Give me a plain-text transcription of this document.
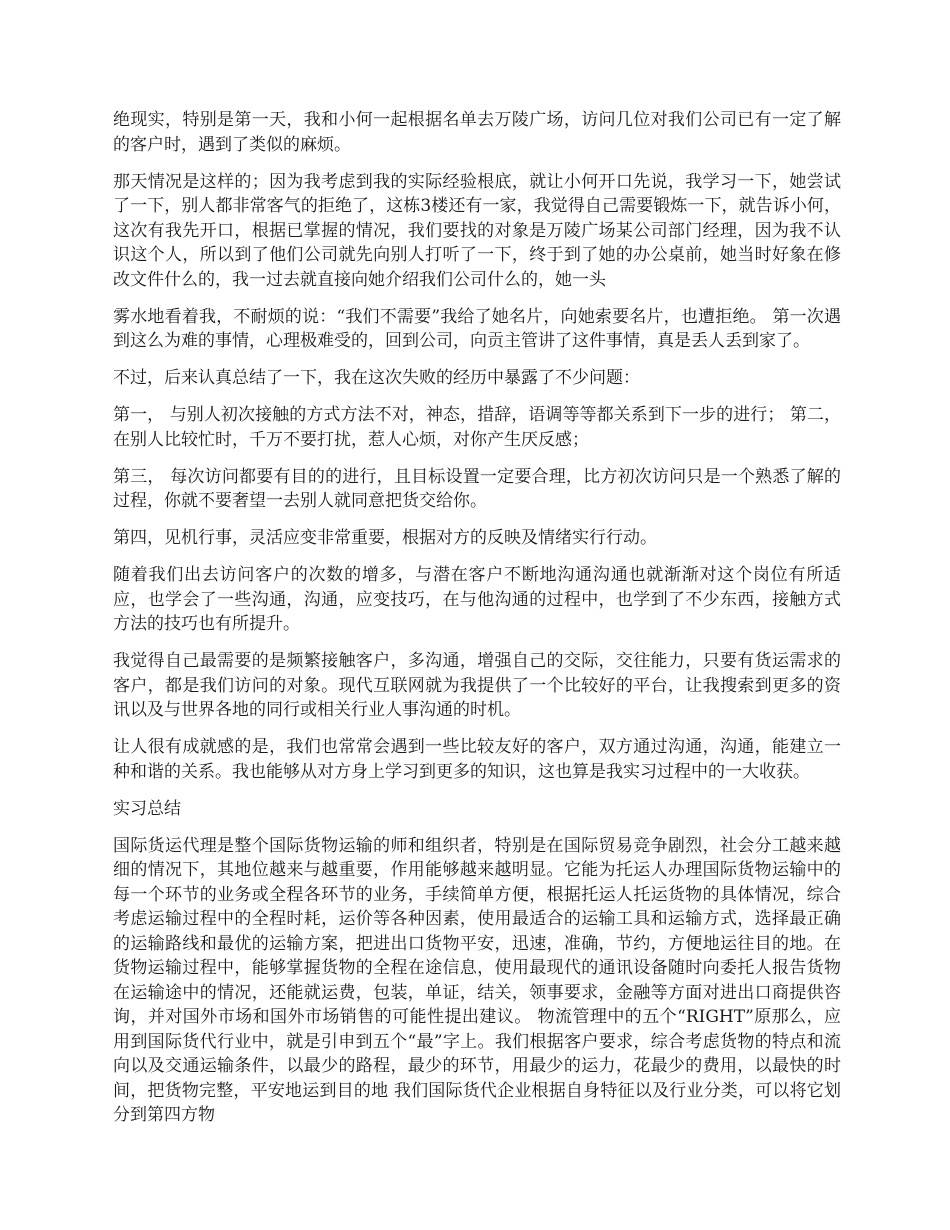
绝现实，特别是第一天，我和小何一起根据名单去万陵广场，访问几位对我们公司已有一定了解的客户时，遇到了类似的麻烦。

那天情况是这样的；因为我考虑到我的实际经验根底，就让小何开口先说，我学习一下，她尝试了一下，别人都非常客气的拒绝了，这栋3楼还有一家，我觉得自己需要锻炼一下，就告诉小何，这次有我先开口，根据已掌握的情况，我们要找的对象是万陵广场某公司部门经理，因为我不认识这个人，所以到了他们公司就先向别人打听了一下，终于到了她的办公桌前，她当时好象在修改文件什么的，我一过去就直接向她介绍我们公司什么的，她一头

雾水地看着我，不耐烦的说：“我们不需要”我给了她名片，向她索要名片，也遭拒绝。 第一次遇到这么为难的事情，心理极难受的，回到公司，向贡主管讲了这件事情，真是丢人丢到家了。

不过，后来认真总结了一下，我在这次失败的经历中暴露了不少问题：

第一， 与别人初次接触的方式方法不对，神态，措辞，语调等等都关系到下一步的进行； 第二， 在别人比较忙时，千万不要打扰，惹人心烦，对你产生厌反感；

第三， 每次访问都要有目的的进行，且目标设置一定要合理，比方初次访问只是一个熟悉了解的过程，你就不要奢望一去别人就同意把货交给你。

第四，见机行事，灵活应变非常重要，根据对方的反映及情绪实行行动。

随着我们出去访问客户的次数的增多，与潜在客户不断地沟通沟通也就渐渐对这个岗位有所适应，也学会了一些沟通，沟通，应变技巧，在与他沟通的过程中，也学到了不少东西，接触方式方法的技巧也有所提升。

我觉得自己最需要的是频繁接触客户，多沟通，增强自己的交际，交往能力，只要有货运需求的客户，都是我们访问的对象。现代互联网就为我提供了一个比较好的平台，让我搜索到更多的资讯以及与世界各地的同行或相关行业人事沟通的时机。

让人很有成就感的是，我们也常常会遇到一些比较友好的客户，双方通过沟通，沟通，能建立一种和谐的关系。我也能够从对方身上学习到更多的知识，这也算是我实习过程中的一大收获。

实习总结

国际货运代理是整个国际货物运输的师和组织者，特别是在国际贸易竞争剧烈，社会分工越来越细的情况下，其地位越来与越重要，作用能够越来越明显。它能为托运人办理国际货物运输中的每一个环节的业务或全程各环节的业务，手续简单方便，根据托运人托运货物的具体情况，综合考虑运输过程中的全程时耗，运价等各种因素，使用最适合的运输工具和运输方式，选择最正确的运输路线和最优的运输方案，把进出口货物平安，迅速，准确，节约，方便地运往目的地。在货物运输过程中，能够掌握货物的全程在途信息，使用最现代的通讯设备随时向委托人报告货物在运输途中的情况，还能就运费，包装，单证，结关，领事要求，金融等方面对进出口商提供咨询，并对国外市场和国外市场销售的可能性提出建议。 物流管理中的五个“RIGHT”原那么，应用到国际货代行业中，就是引申到五个“最”字上。我们根据客户要求，综合考虑货物的特点和流向以及交通运输条件，以最少的路程，最少的环节，用最少的运力，花最少的费用，以最快的时间，把货物完整，平安地运到目的地 我们国际货代企业根据自身特征以及行业分类，可以将它划分到第四方物
